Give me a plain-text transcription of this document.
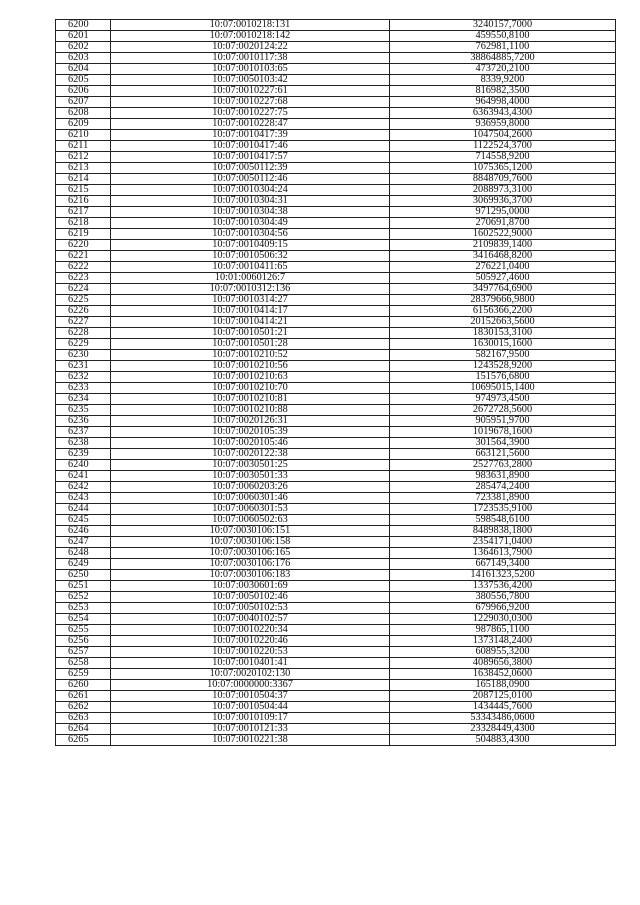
6200	10:07:0010218:131	3240157,7000
6201	10:07:0010218:142	459550,8100
6202	10:07:0020124:22	762981,1100
6203	10:07:0010117:38	38864885,7200
6204	10:07:0010103:65	473720,2100
6205	10:07:0050103:42	8339,9200
6206	10:07:0010227:61	816982,3500
6207	10:07:0010227:68	964998,4000
6208	10:07:0010227:75	6363943,4300
6209	10:07:0010228:47	936959,8000
6210	10:07:0010417:39	1047504,2600
6211	10:07:0010417:46	1122524,3700
6212	10:07:0010417:57	714558,9200
6213	10:07:0050112:39	1075365,1200
6214	10:07:0050112:46	8848709,7600
6215	10:07:0010304:24	2088973,3100
6216	10:07:0010304:31	3069936,3700
6217	10:07:0010304:38	971295,0000
6218	10:07:0010304:49	270691,8700
6219	10:07:0010304:56	1602522,9000
6220	10:07:0010409:15	2109839,1400
6221	10:07:0010506:32	3416468,8200
6222	10:07:0010411:65	276221,0400
6223	10:01:0060126:7	505927,4600
6224	10:07:0010312:136	3497764,6900
6225	10:07:0010314:27	28379666,9800
6226	10:07:0010414:17	6156366,2200
6227	10:07:0010414:21	20152663,5600
6228	10:07:0010501:21	1830153,3100
6229	10:07:0010501:28	1630015,1600
6230	10:07:0010210:52	582167,9500
6231	10:07:0010210:56	1243528,9200
6232	10:07:0010210:63	151576,6800
6233	10:07:0010210:70	10695015,1400
6234	10:07:0010210:81	974973,4500
6235	10:07:0010210:88	2672728,5600
6236	10:07:0020126:31	905951,9700
6237	10:07:0020105:39	1019678,1600
6238	10:07:0020105:46	301564,3900
6239	10:07:0020122:38	663121,5600
6240	10:07:0030501:25	2527763,2800
6241	10:07:0030501:33	983631,8900
6242	10:07:0060203:26	285474,2400
6243	10:07:0060301:46	723381,8900
6244	10:07:0060301:53	1723535,9100
6245	10:07:0060502:63	598548,6100
6246	10:07:0030106:151	8489838,1800
6247	10:07:0030106:158	2354171,0400
6248	10:07:0030106:165	1364613,7900
6249	10:07:0030106:176	667149,3400
6250	10:07:0030106:183	14161323,5200
6251	10:07:0030601:69	1337536,4200
6252	10:07:0050102:46	380556,7800
6253	10:07:0050102:53	679966,9200
6254	10:07:0040102:57	1229030,0300
6255	10:07:0010220:34	987865,1100
6256	10:07:0010220:46	1373148,2400
6257	10:07:0010220:53	608955,3200
6258	10:07:0010401:41	4089656,3800
6259	10:07:0020102:130	1638452,0600
6260	10:07:0000000:3367	165188,0900
6261	10:07:0010504:37	2087125,0100
6262	10:07:0010504:44	1434445,7600
6263	10:07:0010109:17	53343486,0600
6264	10:07:0010121:33	23328449,4300
6265	10:07:0010221:38	504883,4300
